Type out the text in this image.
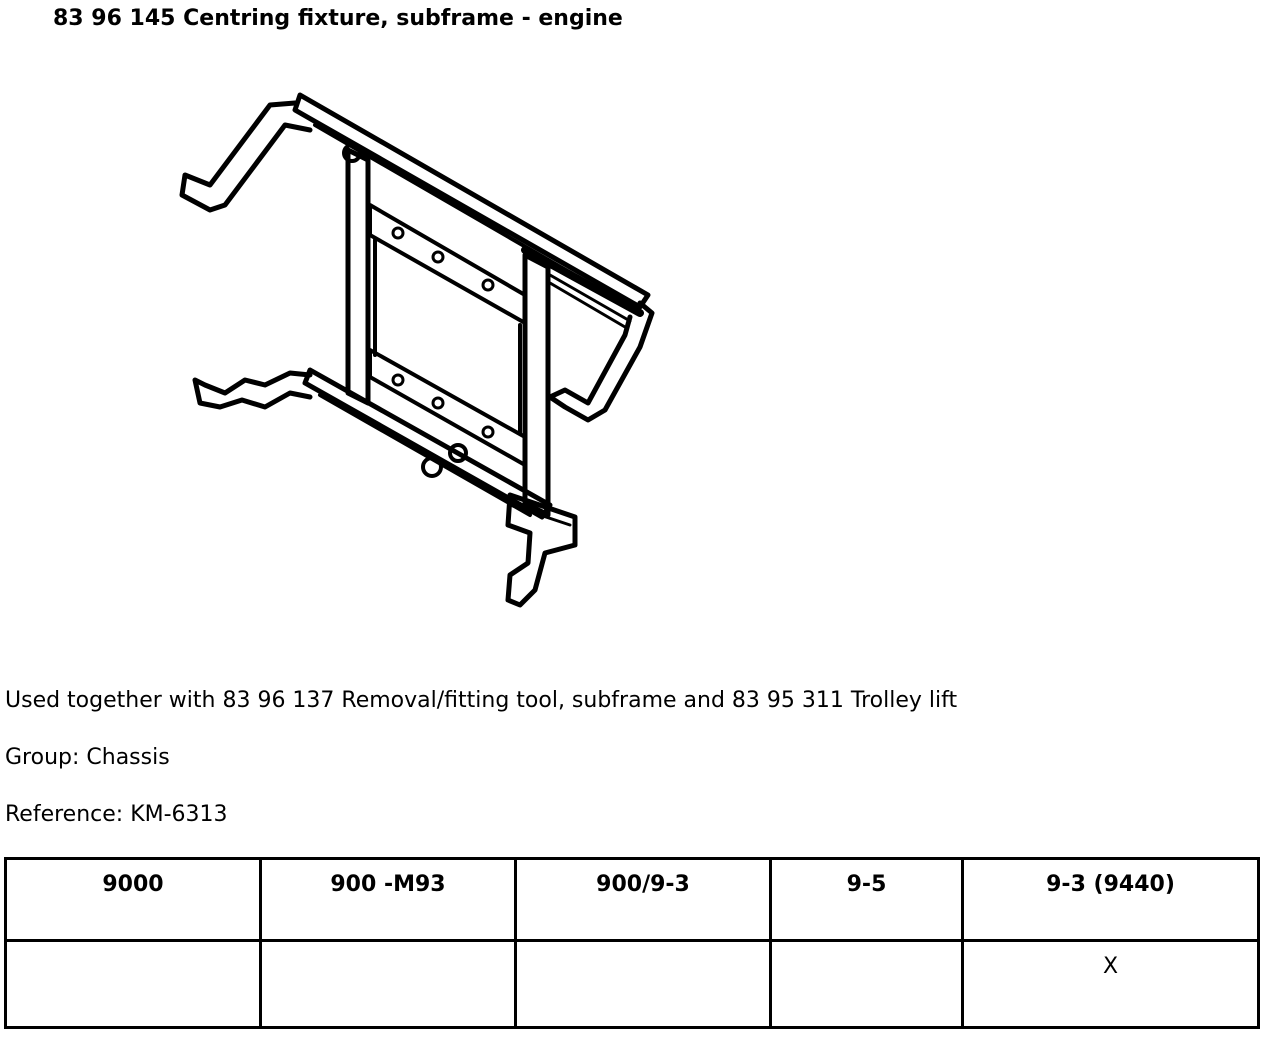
83 96 145 Centring fixture, subframe - engine
Used together with 83 96 137 Removal/fitting tool, subframe and 83 95 311 Trolley lift
Group: Chassis
Reference: KM-6313
9000	900 -M93	900/9-3	9-5	9-3 (9440)
				X
